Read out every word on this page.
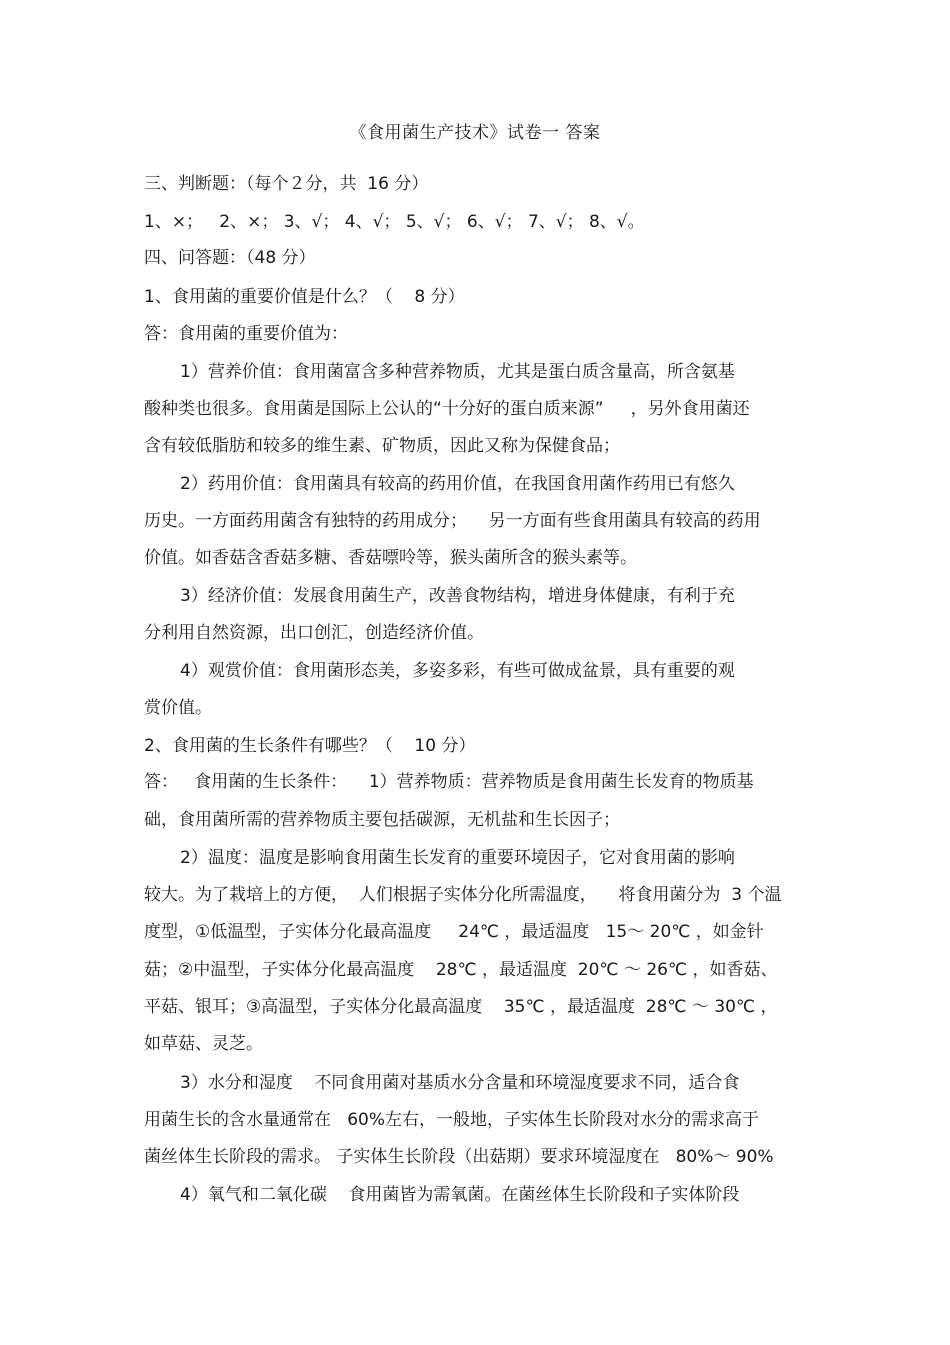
《食用菌生产技术》试卷一 答案
三、判断题：（每个２分，共  16 分）
1、×；   2、×； 3、√； 4、√； 5、√； 6、√； 7、√； 8、√。
四、问答题：（48 分）
1、食用菌的重要价值是什么？（    8 分）
答：食用菌的重要价值为：
1）营养价值：食用菌富含多种营养物质，尤其是蛋白质含量高，所含氨基
酸种类也很多。食用菌是国际上公认的“十分好的蛋白质来源”     ，另外食用菌还
含有较低脂肪和较多的维生素、矿物质，因此又称为保健食品；
2）药用价值：食用菌具有较高的药用价值，在我国食用菌作药用已有悠久
历史。一方面药用菌含有独特的药用成分；    另一方面有些食用菌具有较高的药用
价值。如香菇含香菇多糖、香菇嘌呤等，猴头菌所含的猴头素等。
3）经济价值：发展食用菌生产，改善食物结构，增进身体健康，有利于充
分利用自然资源，出口创汇，创造经济价值。
4）观赏价值：食用菌形态美，多姿多彩，有些可做成盆景，具有重要的观
赏价值。
2、食用菌的生长条件有哪些？（    10 分）
答：   食用菌的生长条件：    1）营养物质：营养物质是食用菌生长发育的物质基
础，食用菌所需的营养物质主要包括碳源，无机盐和生长因子；
2）温度：温度是影响食用菌生长发育的重要环境因子，它对食用菌的影响
较大。为了栽培上的方便，  人们根据子实体分化所需温度，    将食用菌分为  3 个温
度型，①低温型，子实体分化最高温度     24℃ ，最适温度   15～ 20℃ ，如金针
菇；②中温型，子实体分化最高温度    28℃ ，最适温度  20℃ ～ 26℃ ，如香菇、
平菇、银耳；③高温型，子实体分化最高温度    35℃ ，最适温度  28℃ ～ 30℃ ，
如草菇、灵芝。
3）水分和湿度    不同食用菌对基质水分含量和环境湿度要求不同，适合食
用菌生长的含水量通常在   60%左右，一般地，子实体生长阶段对水分的需求高于
菌丝体生长阶段的需求。 子实体生长阶段（出菇期）要求环境湿度在   80%～ 90%
4）氧气和二氧化碳    食用菌皆为需氧菌。在菌丝体生长阶段和子实体阶段
